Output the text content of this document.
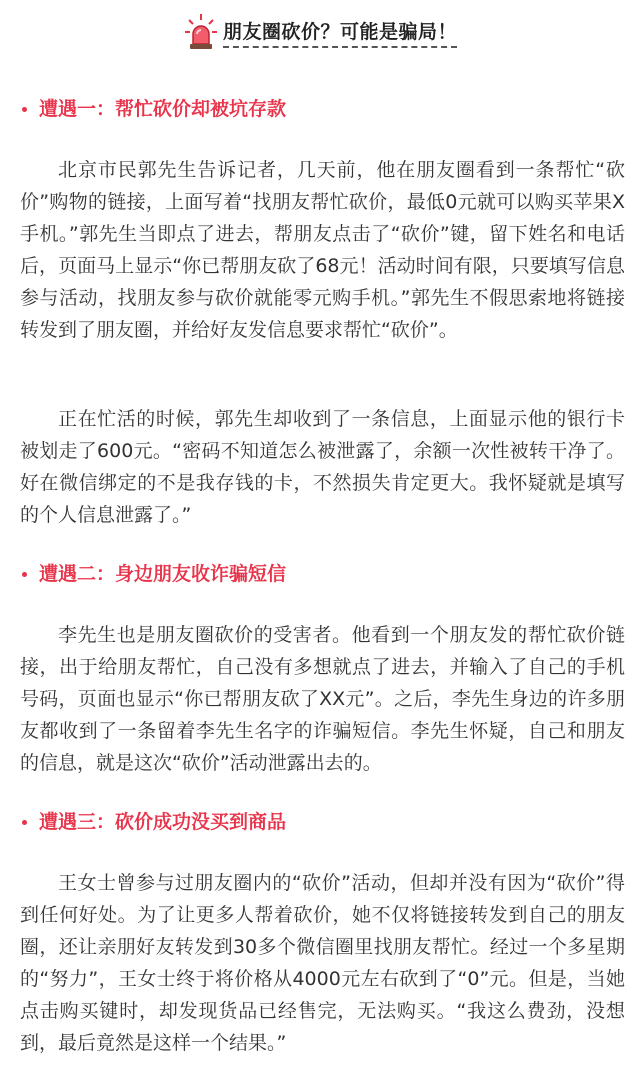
朋友圈砍价？可能是骗局！
遭遇一：帮忙砍价却被坑存款

北京市民郭先生告诉记者，几天前，他在朋友圈看到一条帮忙“砍价”购物的链接，上面写着“找朋友帮忙砍价，最低0元就可以购买苹果X手机。”郭先生当即点了进去，帮朋友点击了“砍价”键，留下姓名和电话后，页面马上显示“你已帮朋友砍了68元！活动时间有限，只要填写信息参与活动，找朋友参与砍价就能零元购手机。”郭先生不假思索地将链接转发到了朋友圈，并给好友发信息要求帮忙“砍价”。

正在忙活的时候，郭先生却收到了一条信息，上面显示他的银行卡被划走了600元。“密码不知道怎么被泄露了，余额一次性被转干净了。好在微信绑定的不是我存钱的卡，不然损失肯定更大。我怀疑就是填写的个人信息泄露了。”

遭遇二：身边朋友收诈骗短信

李先生也是朋友圈砍价的受害者。他看到一个朋友发的帮忙砍价链接，出于给朋友帮忙，自己没有多想就点了进去，并输入了自己的手机号码，页面也显示“你已帮朋友砍了XX元”。之后，李先生身边的许多朋友都收到了一条留着李先生名字的诈骗短信。李先生怀疑，自己和朋友的信息，就是这次“砍价”活动泄露出去的。

遭遇三：砍价成功没买到商品

王女士曾参与过朋友圈内的“砍价”活动，但却并没有因为“砍价”得到任何好处。为了让更多人帮着砍价，她不仅将链接转发到自己的朋友圈，还让亲朋好友转发到30多个微信圈里找朋友帮忙。经过一个多星期的“努力”，王女士终于将价格从4000元左右砍到了“0”元。但是，当她点击购买键时，却发现货品已经售完，无法购买。“我这么费劲，没想到，最后竟然是这样一个结果。”
